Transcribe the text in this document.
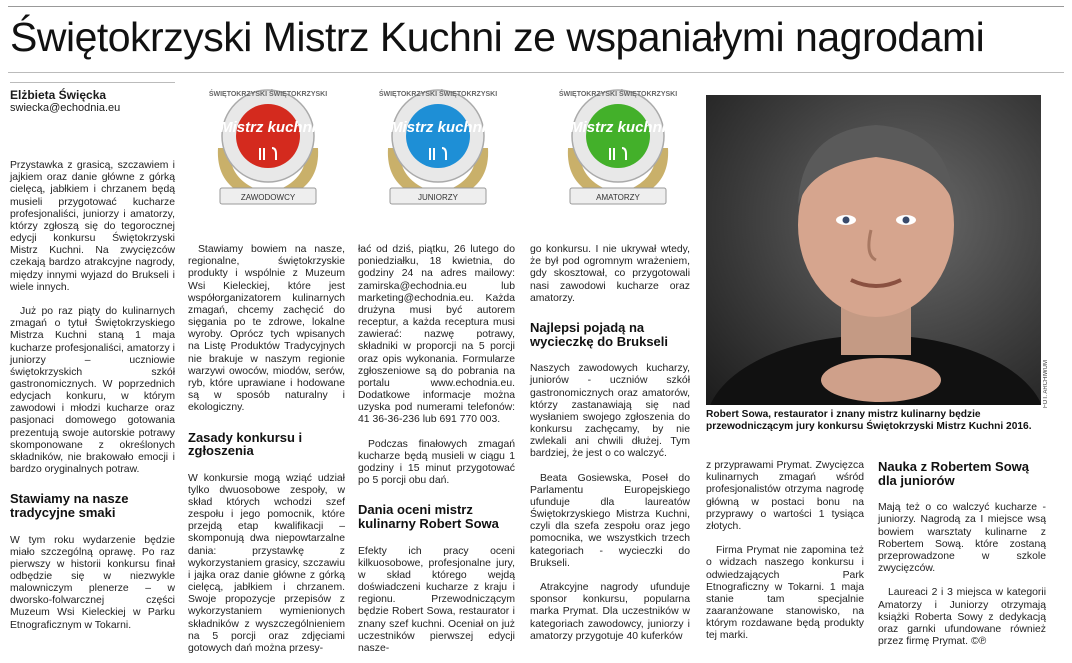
Świętokrzyski Mistrz Kuchni ze wspaniałymi nagrodami
Elżbieta Święcka
swiecka@echodnia.eu
ŚWIĘTOKRZYSKI ŚWIĘTOKRZYSKI
Mistrz kuchni
ZAWODOWCY
ŚWIĘTOKRZYSKI ŚWIĘTOKRZYSKI
Mistrz kuchni
JUNIORZY
ŚWIĘTOKRZYSKI ŚWIĘTOKRZYSKI
Mistrz kuchni
AMATORZY
FOT. ARCHIWUM
Robert Sowa, restaurator i znany mistrz kulinarny będzie przewodniczącym jury konkursu Świętokrzyski Mistrz Kuchni 2016.

Przystawka z grasicą, szczawiem i jajkiem oraz danie główne z górką cielęcą, jabłkiem i chrzanem będą musieli przygotować kucharze profesjonaliści, juniorzy i amatorzy, którzy zgłoszą się do tegorocznej edycji konkursu Świętokrzyski Mistrz Kuchni. Na zwycięzców czekają bardzo atrakcyjne nagrody, między innymi wyjazd do Brukseli i wiele innych.

Już po raz piąty do kulinarnych zmagań o tytuł Świętokrzyskiego Mistrza Kuchni staną 1 maja kucharze profesjonaliści, amatorzy i juniorzy – uczniowie świętokrzyskich szkół gastronomicznych. W poprzednich edycjach konkuru, w którym zawodowi i młodzi kucharze oraz pasjonaci domowego gotowania prezentują swoje autorskie potrawy skomponowane z określonych składników, nie brakowało emocji i bardzo oryginalnych potraw.

Stawiamy na nasze tradycyjne smaki

W tym roku wydarzenie będzie miało szczególną oprawę. Po raz pierwszy w historii konkursu finał odbędzie się w niezwykle malowniczym plenerze – w dworsko-folwarcznej części Muzeum Wsi Kieleckiej w Parku Etnograficznym w Tokarni.

Stawiamy bowiem na nasze, regionalne, świętokrzyskie produkty i wspólnie z Muzeum Wsi Kieleckiej, które jest współorganizatorem kulinarnych zmagań, chcemy zachęcić do sięgania po te zdrowe, lokalne wyroby. Oprócz tych wpisanych na Listę Produktów Tradycyjnych nie brakuje w naszym regionie warzywi owoców, miodów, serów, ryb, które uprawiane i hodowane są w sposób naturalny i ekologiczny.

Zasady konkursu i zgłoszenia

W konkursie mogą wziąć udział tylko dwuosobowe zespoły, w skład których wchodzi szef zespołu i jego pomocnik, które przejdą etap kwalifikacji – skomponują dwa niepowtarzalne dania: przystawkę z wykorzystaniem grasicy, szczawiu i jajka oraz danie główne z górką cielęcą, jabłkiem i chrzanem. Swoje propozycje przepisów z wykorzystaniem wymienionych składników z wyszczególnieniem na 5 porcji oraz zdjęciami gotowych dań można przesy-

łać od dziś, piątku, 26 lutego do poniedziałku, 18 kwietnia, do godziny 24 na adres mailowy: zamirska@echodnia.eu lub marketing@echodnia.eu. Każda drużyna musi być autorem receptur, a każda receptura musi zawierać: nazwę potrawy, składniki w proporcji na 5 porcji oraz opis wykonania. Formularze zgłoszeniowe są do pobrania na portalu www.echodnia.eu. Dodatkowe informacje można uzyska pod numerami telefonów: 41 36-36-236 lub 691 770 003.

Podczas finałowych zmagań kucharze będą musieli w ciągu 1 godziny i 15 minut przygotować po 5 porcji obu dań.

Dania oceni mistrz kulinarny Robert Sowa

Efekty ich pracy oceni kilkuosobowe, profesjonalne jury, w skład którego wejdą doświadczeni kucharze z kraju i regionu. Przewodniczącym będzie Robert Sowa, restaurator i znany szef kuchni. Oceniał on już uczestników pierwszej edycji nasze-

go konkursu. I nie ukrywał wtedy, że był pod ogromnym wrażeniem, gdy skosztował, co przygotowali nasi zawodowi kucharze oraz amatorzy.

Najlepsi pojadą na wycieczkę do Brukseli

Naszych zawodowych kucharzy, juniorów - uczniów szkół gastronomicznych oraz amatorów, którzy zastanawiają się nad wysłaniem swojego zgłoszenia do konkursu zachęcamy, by nie zwlekali ani chwili dłużej. Tym bardziej, że jest o co walczyć.

Beata Gosiewska, Poseł do Parlamentu Europejskiego ufunduje dla laureatów Świętokrzyskiego Mistrza Kuchni, czyli dla szefa zespołu oraz jego pomocnika, we wszystkich trzech kategoriach - wycieczki do Brukseli.

Atrakcyjne nagrody ufunduje sponsor konkursu, popularna marka Prymat. Dla uczestników w kategoriach zawodowcy, juniorzy i amatorzy przygotuje 40 kuferków

z przyprawami Prymat. Zwycięzca kulinarnych zmagań wśród profesjonalistów otrzyma nagrodę główną w postaci bonu na przyprawy o wartości 1 tysiąca złotych.

Firma Prymat nie zapomina też o widzach naszego konkursu i odwiedzających Park Etnograficzny w Tokarni. 1 maja stanie tam specjalnie zaaranżowane stanowisko, na którym rozdawane będą produkty tej marki.

Nauka z Robertem Sową dla juniorów

Mają też o co walczyć kucharze - juniorzy. Nagrodą za I miejsce wsą bowiem warsztaty kulinarne z Robertem Sową. które zostaną przeprowadzone w szkole zwycięzców.

Laureaci 2 i 3 miejsca w kategorii Amatorzy i Juniorzy otrzymają książki Roberta Sowy z dedykacją oraz garnki ufundowane również przez firmę Prymat. ©℗
